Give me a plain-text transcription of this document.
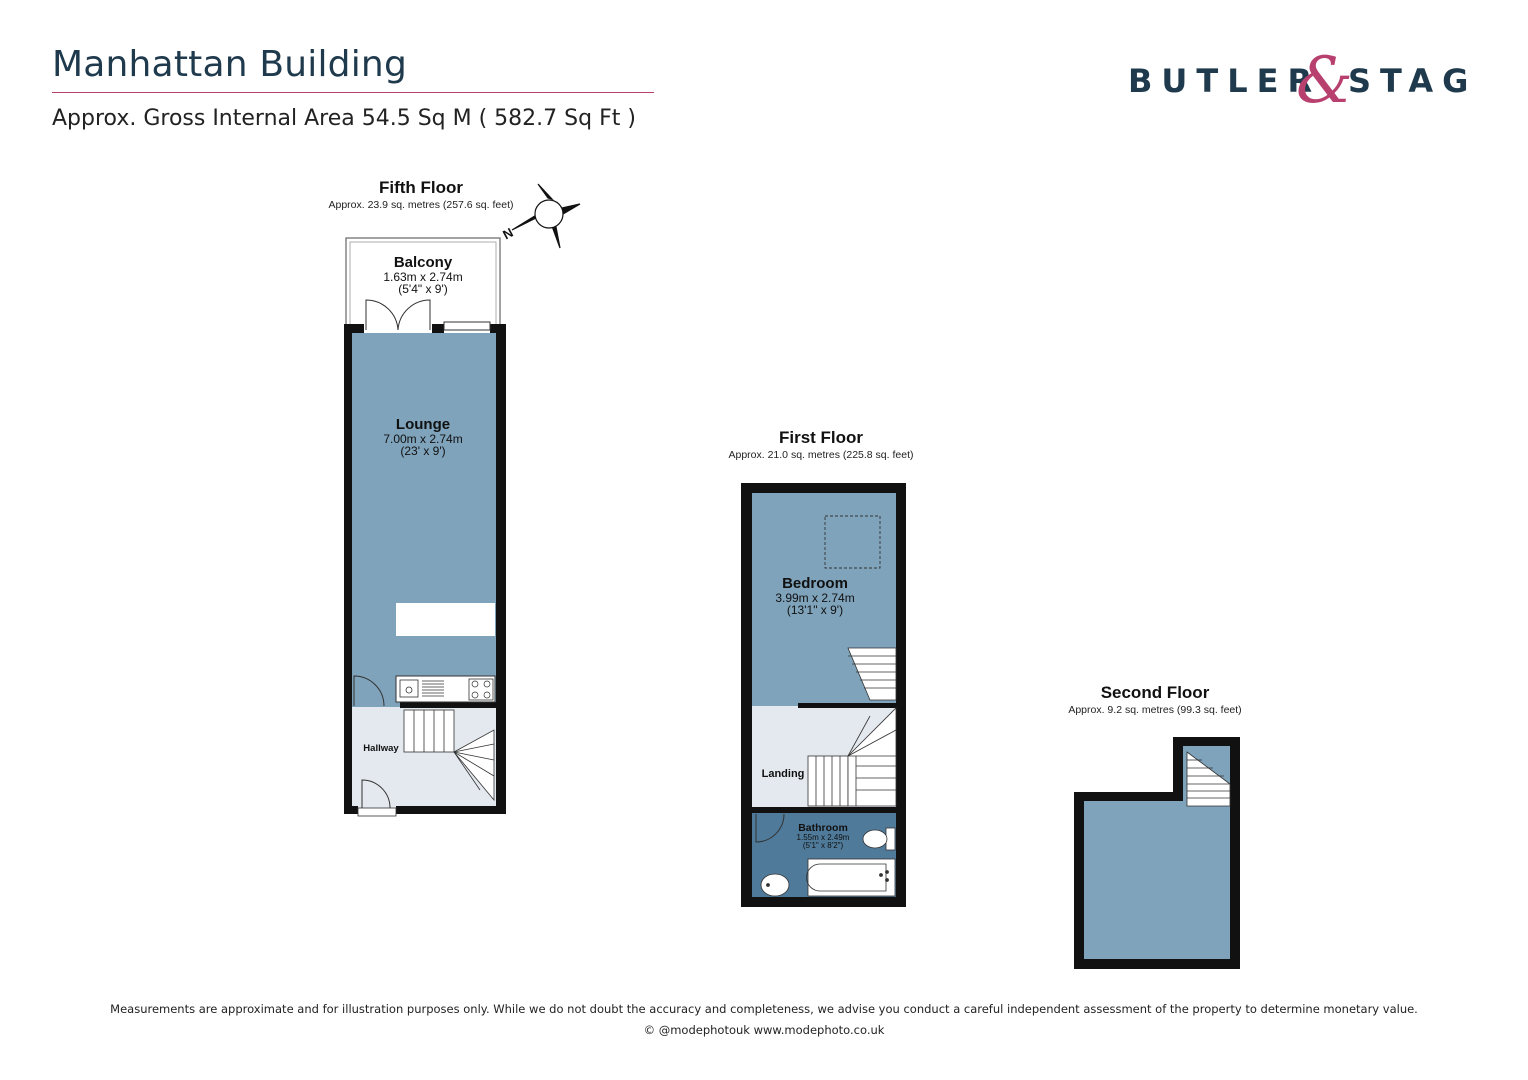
Manhattan Building
Approx. Gross Internal Area 54.5 Sq M ( 582.7 Sq Ft )
BUTLER
&
STAG
N
Fifth Floor
Approx. 23.9 sq. metres (257.6 sq. feet)
First Floor
Approx. 21.0 sq. metres (225.8 sq. feet)
Second Floor
Approx. 9.2 sq. metres (99.3 sq. feet)
Balcony
1.63m x 2.74m
(5'4" x 9')
Lounge
7.00m x 2.74m
(23' x 9')
Hallway
Bedroom
3.99m x 2.74m
(13'1" x 9')
Landing
Bathroom
1.55m x 2.49m
(5'1" x 8'2")
Measurements are approximate and for illustration purposes only. While we do not doubt the accuracy and completeness, we advise you conduct a careful independent assessment of the property to determine monetary value.
© @modephotouk www.modephoto.co.uk
